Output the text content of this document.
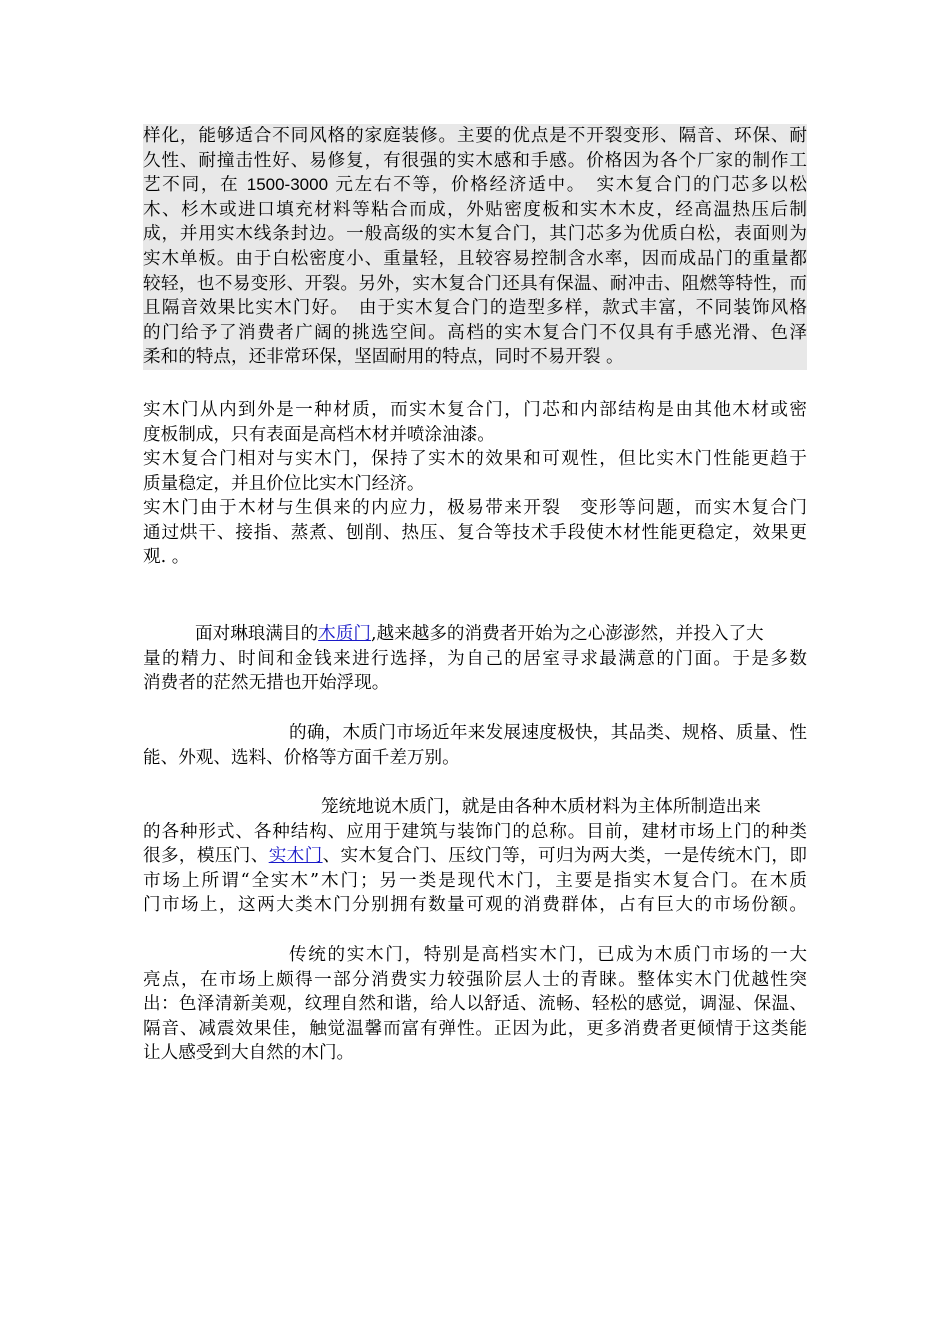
样化，能够适合不同风格的家庭装修。主要的优点是不开裂变形、隔音、环保、耐
久性、耐撞击性好、易修复，有很强的实木感和手感。价格因为各个厂家的制作工
艺不同，在 1500-3000 元左右不等，价格经济适中。　实木复合门的门芯多以松
木、杉木或进口填充材料等粘合而成，外贴密度板和实木木皮，经高温热压后制
成，并用实木线条封边。一般高级的实木复合门，其门芯多为优质白松，表面则为
实木单板。由于白松密度小、重量轻，且较容易控制含水率，因而成品门的重量都
较轻，也不易变形、开裂。另外，实木复合门还具有保温、耐冲击、阻燃等特性，而
且隔音效果比实木门好。　由于实木复合门的造型多样，款式丰富，不同装饰风格
的门给予了消费者广阔的挑选空间。高档的实木复合门不仅具有手感光滑、色泽
柔和的特点，还非常环保，坚固耐用的特点，同时不易开裂 。
实木门从内到外是一种材质，而实木复合门，门芯和内部结构是由其他木材或密
度板制成，只有表面是高档木材并喷涂油漆。
实木复合门相对与实木门，保持了实木的效果和可观性，但比实木门性能更趋于
质量稳定，并且价位比实木门经济。
实木门由于木材与生俱来的内应力，极易带来开裂　变形等问题，而实木复合门
通过烘干、接指、蒸煮、刨削、热压、复合等技术手段使木材性能更稳定，效果更
观. 。
面对琳琅满目的木质门,越来越多的消费者开始为之心澎澎然，并投入了大
量的精力、时间和金钱来进行选择，为自己的居室寻求最满意的门面。于是多数
消费者的茫然无措也开始浮现。
的确，木质门市场近年来发展速度极快，其品类、规格、质量、性
能、外观、选料、价格等方面千差万别。
笼统地说木质门，就是由各种木质材料为主体所制造出来
的各种形式、各种结构、应用于建筑与装饰门的总称。目前，建材市场上门的种类
很多，模压门、实木门、实木复合门、压纹门等，可归为两大类，一是传统木门，即
市场上所谓“全实木”木门；另一类是现代木门，主要是指实木复合门。在木质
门市场上，这两大类木门分别拥有数量可观的消费群体，占有巨大的市场份额。
传统的实木门，特别是高档实木门，已成为木质门市场的一大
亮点，在市场上颇得一部分消费实力较强阶层人士的青睐。整体实木门优越性突
出：色泽清新美观，纹理自然和谐，给人以舒适、流畅、轻松的感觉，调湿、保温、
隔音、减震效果佳，触觉温馨而富有弹性。正因为此，更多消费者更倾情于这类能
让人感受到大自然的木门。
